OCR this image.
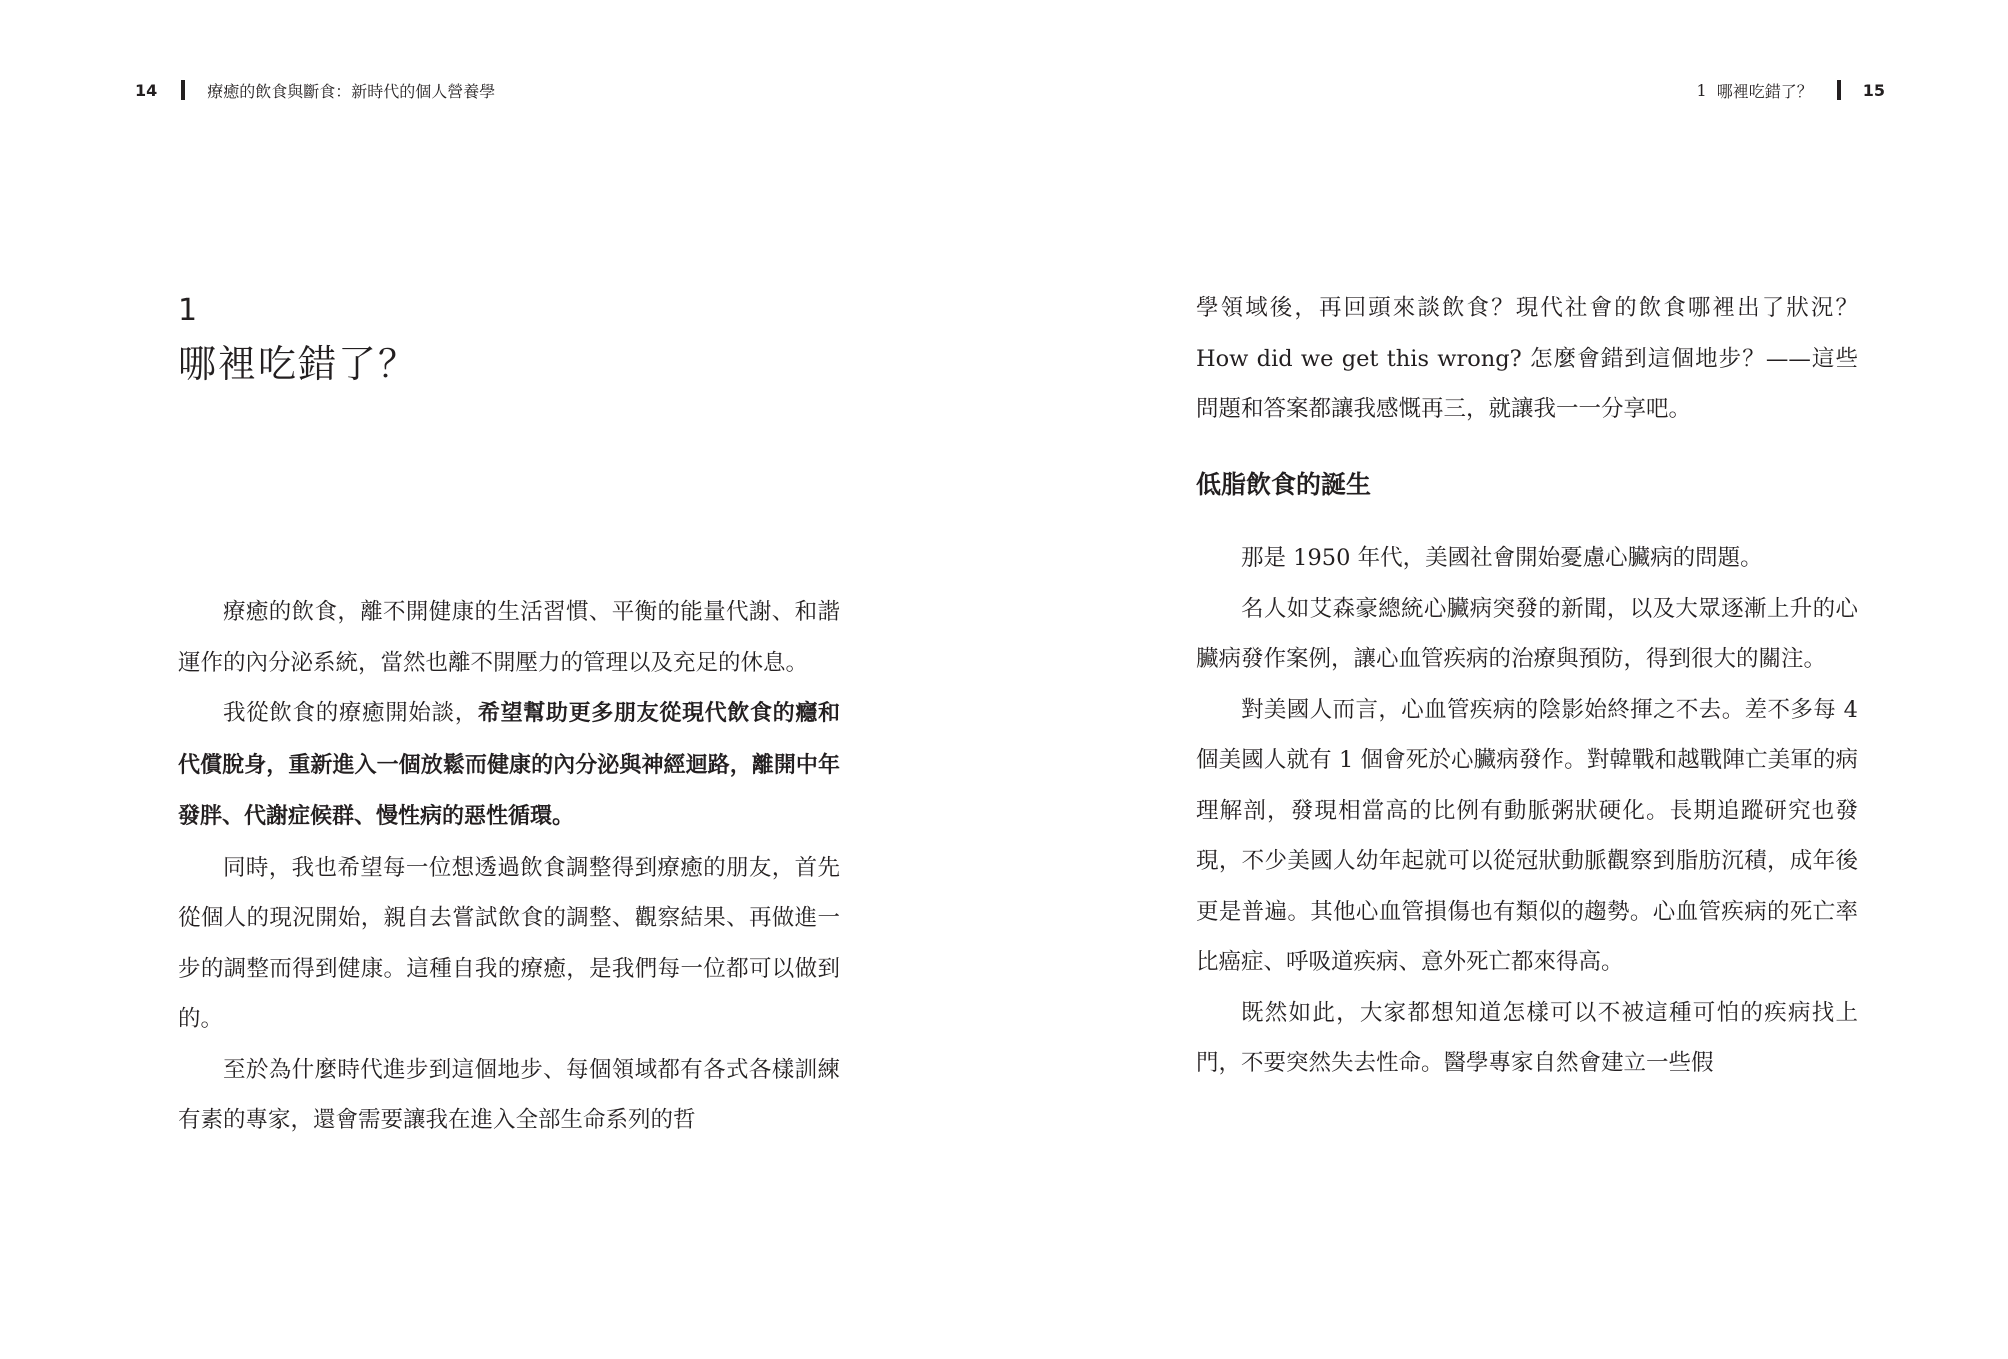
14	療癒的飲食與斷食：新時代的個人營養學
1
哪裡吃錯了？

療癒的飲食，離不開健康的生活習慣、平衡的能量代謝、和諧運作的內分泌系統，當然也離不開壓力的管理以及充足的休息。

我從飲食的療癒開始談，希望幫助更多朋友從現代飲食的癮和代償脫身，重新進入一個放鬆而健康的內分泌與神經迴路，離開中年發胖、代謝症候群、慢性病的惡性循環。

同時，我也希望每一位想透過飲食調整得到療癒的朋友，首先從個人的現況開始，親自去嘗試飲食的調整、觀察結果、再做進一步的調整而得到健康。這種自我的療癒，是我們每一位都可以做到的。

至於為什麼時代進步到這個地步、每個領域都有各式各樣訓練有素的專家，還會需要讓我在進入全部生命系列的哲

1 哪裡吃錯了？	15

學領域後，再回頭來談飲食？現代社會的飲食哪裡出了狀況？ How did we get this wrong? 怎麼會錯到這個地步？——這些問題和答案都讓我感慨再三，就讓我一一分享吧。

低脂飲食的誕生

那是 1950 年代，美國社會開始憂慮心臟病的問題。

名人如艾森豪總統心臟病突發的新聞，以及大眾逐漸上升的心臟病發作案例，讓心血管疾病的治療與預防，得到很大的關注。

對美國人而言，心血管疾病的陰影始終揮之不去。差不多每 4 個美國人就有 1 個會死於心臟病發作。對韓戰和越戰陣亡美軍的病理解剖，發現相當高的比例有動脈粥狀硬化。長期追蹤研究也發現，不少美國人幼年起就可以從冠狀動脈觀察到脂肪沉積，成年後更是普遍。其他心血管損傷也有類似的趨勢。心血管疾病的死亡率比癌症、呼吸道疾病、意外死亡都來得高。

既然如此，大家都想知道怎樣可以不被這種可怕的疾病找上門，不要突然失去性命。醫學專家自然會建立一些假
